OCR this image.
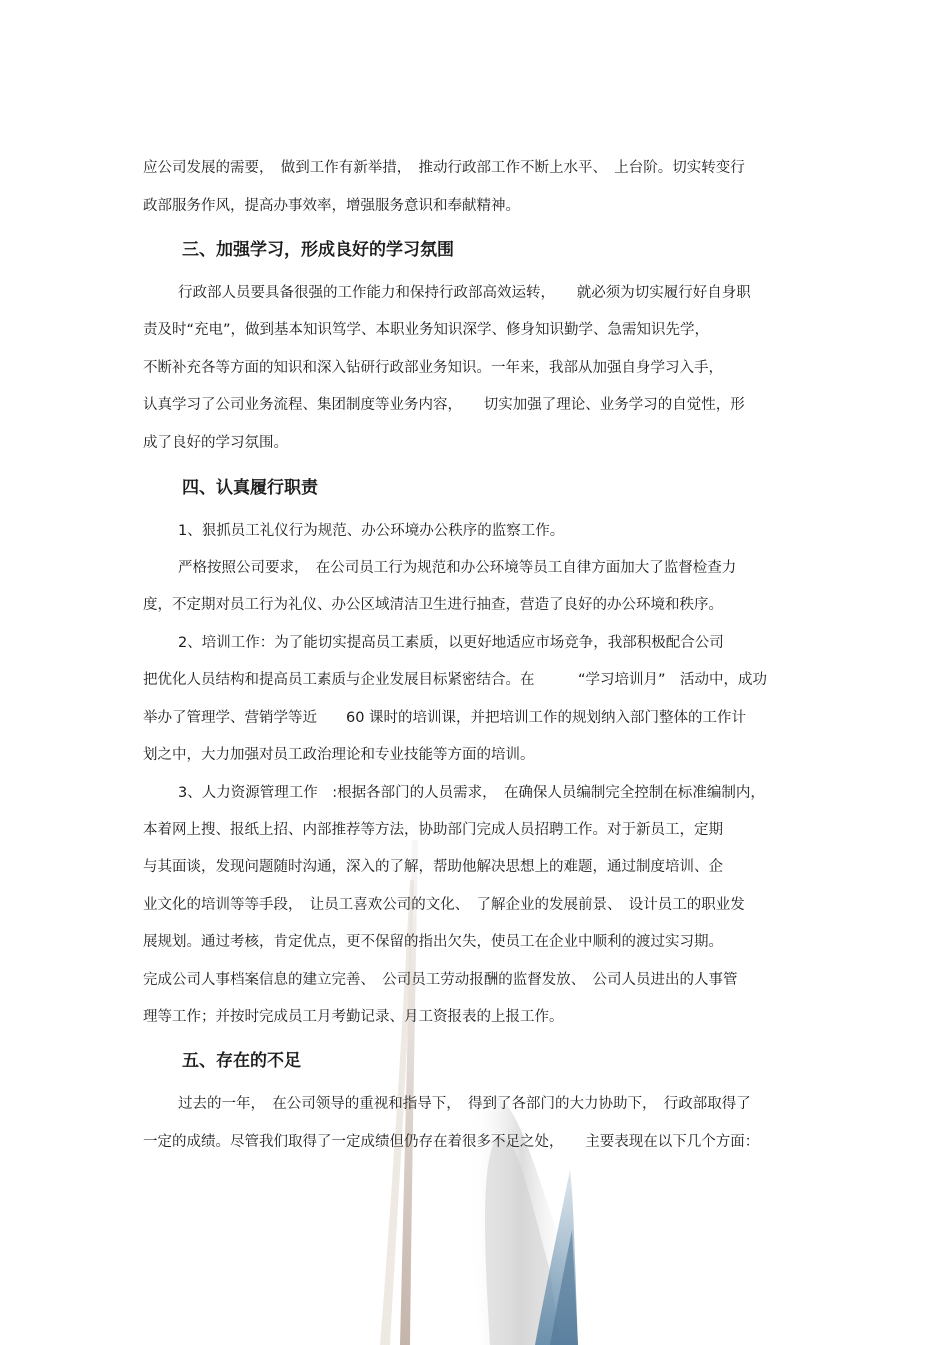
应公司发展的需要，　做到工作有新举措，　推动行政部工作不断上水平、　上台阶。切实转变行

政部服务作风，提高办事效率，增强服务意识和奉献精神。

三、加强学习，形成良好的学习氛围

行政部人员要具备很强的工作能力和保持行政部高效运转，　　就必须为切实履行好自身职

责及时“充电”，做到基本知识笃学、本职业务知识深学、修身知识勤学、急需知识先学，

不断补充各等方面的知识和深入钻研行政部业务知识。一年来，我部从加强自身学习入手，

认真学习了公司业务流程、集团制度等业务内容，　　切实加强了理论、业务学习的自觉性，形

成了良好的学习氛围。

四、认真履行职责

1、狠抓员工礼仪行为规范、办公环境办公秩序的监察工作。

严格按照公司要求，　在公司员工行为规范和办公环境等员工自律方面加大了监督检查力

度，不定期对员工行为礼仪、办公区域清洁卫生进行抽查，营造了良好的办公环境和秩序。

2、培训工作：为了能切实提高员工素质，以更好地适应市场竞争，我部积极配合公司

把优化人员结构和提高员工素质与企业发展目标紧密结合。在　　　“学习培训月”　活动中，成功

举办了管理学、营销学等近　　60 课时的培训课，并把培训工作的规划纳入部门整体的工作计

划之中，大力加强对员工政治理论和专业技能等方面的培训。

3、人力资源管理工作　:根据各部门的人员需求，　在确保人员编制完全控制在标准编制内，

本着网上搜、报纸上招、内部推荐等方法，协助部门完成人员招聘工作。对于新员工，定期

与其面谈，发现问题随时沟通，深入的了解，帮助他解决思想上的难题，通过制度培训、企

业文化的培训等等手段，　让员工喜欢公司的文化、　了解企业的发展前景、　设计员工的职业发

展规划。通过考核，肯定优点，更不保留的指出欠失，使员工在企业中顺利的渡过实习期。

完成公司人事档案信息的建立完善、　公司员工劳动报酬的监督发放、　公司人员进出的人事管

理等工作；并按时完成员工月考勤记录、月工资报表的上报工作。

五、存在的不足

过去的一年，　在公司领导的重视和指导下，　得到了各部门的大力协助下，　行政部取得了

一定的成绩。尽管我们取得了一定成绩但仍存在着很多不足之处，　　主要表现在以下几个方面：
